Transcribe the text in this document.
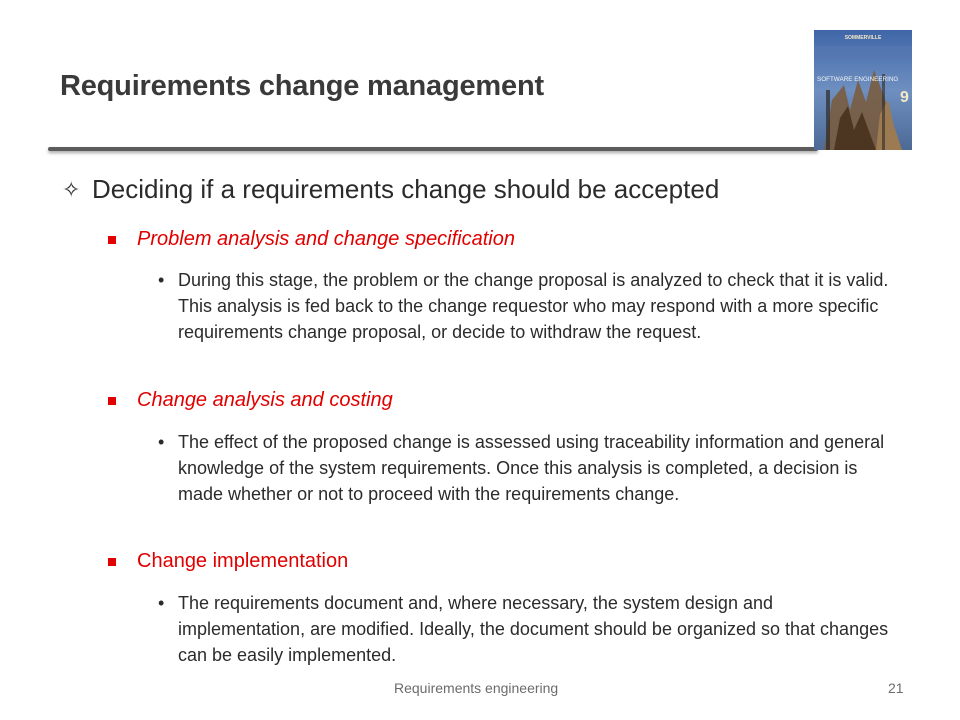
Requirements change management
SOMMERVILLE
SOFTWARE ENGINEERING
9
✧ Deciding if a requirements change should be accepted
Problem analysis and change specification
• During this stage, the problem or the change proposal is analyzed to check that it is valid. This analysis is fed back to the change requestor who may respond with a more specific requirements change proposal, or decide to withdraw the request.
Change analysis and costing
• The effect of the proposed change is assessed using traceability information and general knowledge of the system requirements. Once this analysis is completed, a decision is made whether or not to proceed with the requirements change.
Change implementation
• The requirements document and, where necessary, the system design and implementation, are modified. Ideally, the document should be organized so that changes can be easily implemented.
Requirements engineering	21
